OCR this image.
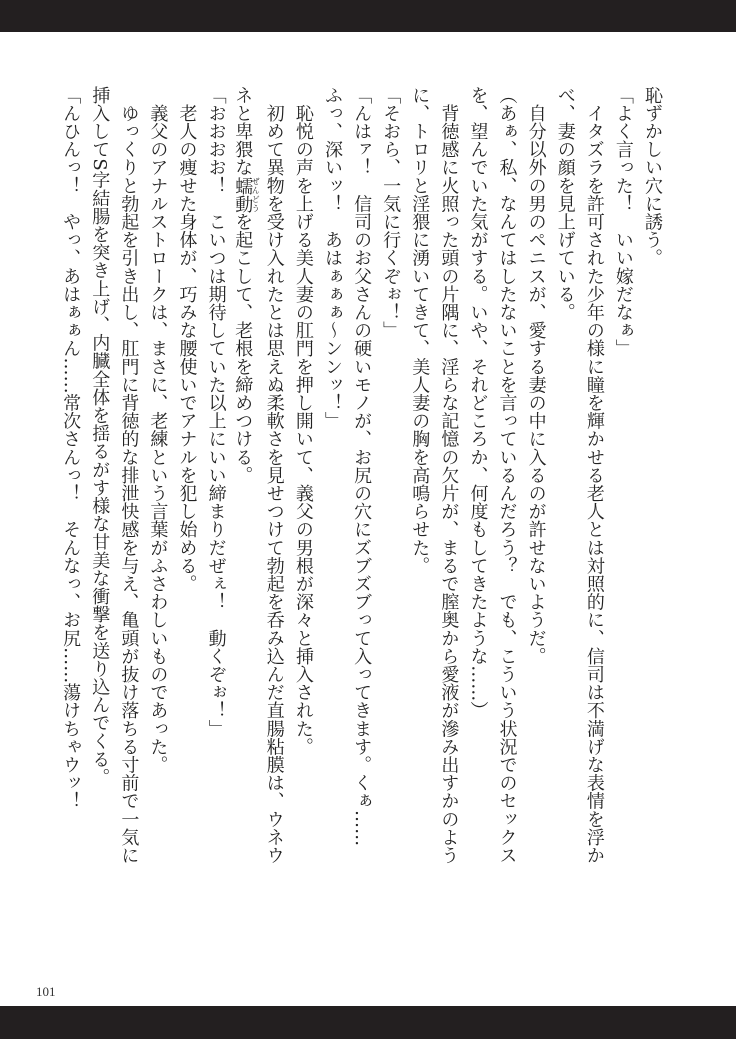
恥ずかしい穴に誘う。
「よく言った！　いい嫁だなぁ」
　イタズラを許可された少年の様に瞳を輝かせる老人とは対照的に、信司は不満げな表情を浮か
べ、妻の顔を見上げている。
　自分以外の男のペニスが、愛する妻の中に入るのが許せないようだ。
（あぁ、私、なんてはしたないことを言っているんだろう？　でも、こういう状況でのセックス
を、望んでいた気がする。いや、それどころか、何度もしてきたような……）
　背徳感に火照った頭の片隅に、淫らな記憶の欠片が、まるで膣奥から愛液が滲み出すかのよう
に、トロリと淫猥に湧いてきて、美人妻の胸を高鳴らせた。
「そおら、一気に行くぞぉ！」
「んはァ！　信司のお父さんの硬いモノが、お尻の穴にズブズブって入ってきます。くぁ……
ふっ、深いッ！　あはぁぁぁ～ンンッ！」
　恥悦の声を上げる美人妻の肛門を押し開いて、義父の男根が深々と挿入された。
　初めて異物を受け入れたとは思えぬ柔軟さを見せつけて勃起を呑み込んだ直腸粘膜は、ウネウ
ネと卑猥な蠕動ぜんどうを起こして、老根を締めつける。
「おおおお！　こいつは期待していた以上にいい締まりだぜぇ！　動くぞぉ！」
　老人の痩せた身体が、巧みな腰使いでアナルを犯し始める。
　義父のアナルストロークは、まさに、老練という言葉がふさわしいものであった。
　ゆっくりと勃起を引き出し、肛門に背徳的な排泄快感を与え、亀頭が抜け落ちる寸前で一気に
挿入してS字結腸を突き上げ、内臓全体を揺るがす様な甘美な衝撃を送り込んでくる。
「んひんっ！　やっ、あはぁぁん……常次さんっ！　そんなっ、お尻……蕩けちゃウッ！
101
